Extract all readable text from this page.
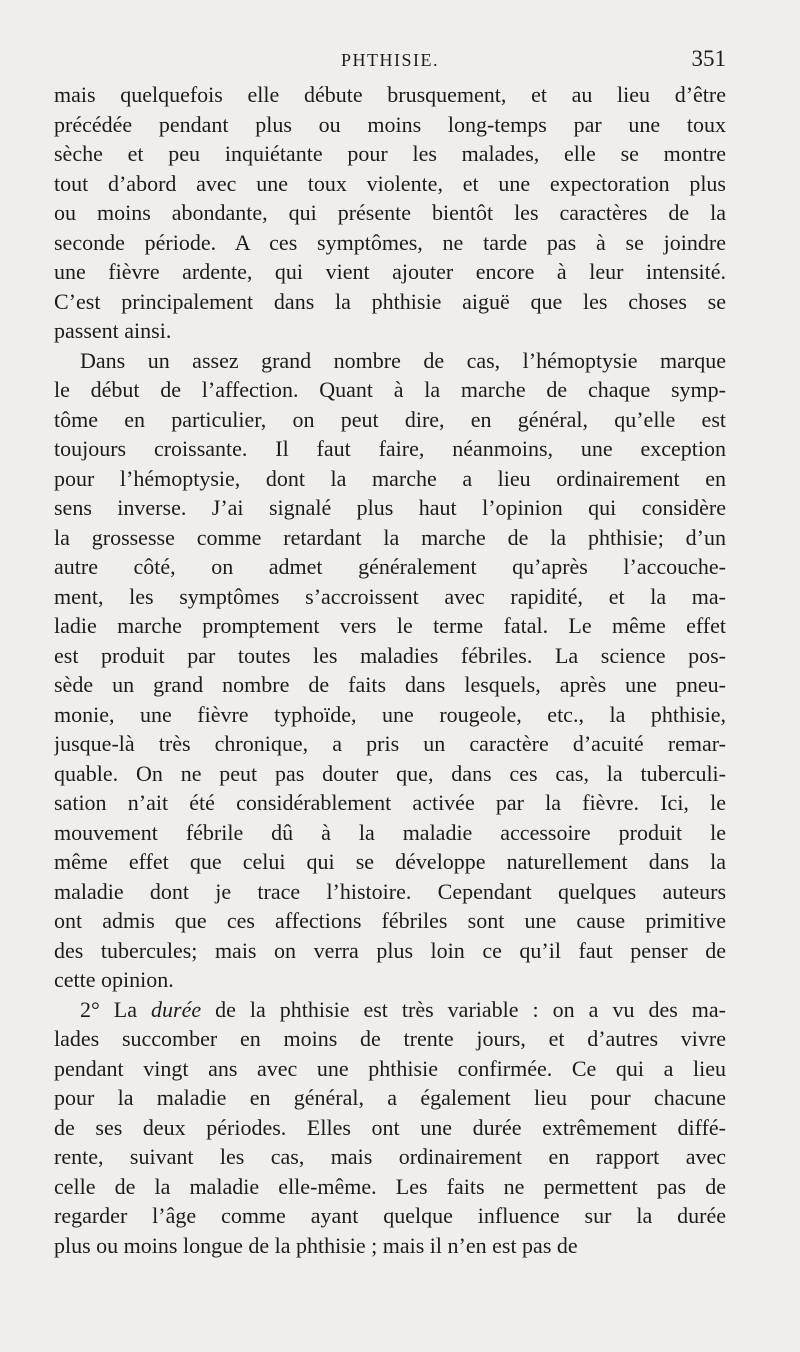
PHTHISIE.	351
mais quelquefois elle débute brusquement, et au lieu d’être
précédée pendant plus ou moins long-temps par une toux
sèche et peu inquiétante pour les malades, elle se montre
tout d’abord avec une toux violente, et une expectoration plus
ou moins abondante, qui présente bientôt les caractères de la
seconde période. A ces symptômes, ne tarde pas à se joindre
une fièvre ardente, qui vient ajouter encore à leur intensité.
C’est principalement dans la phthisie aiguë que les choses se
passent ainsi.
Dans un assez grand nombre de cas, l’hémoptysie marque
le début de l’affection. Quant à la marche de chaque symp-
tôme en particulier, on peut dire, en général, qu’elle est
toujours croissante. Il faut faire, néanmoins, une exception
pour l’hémoptysie, dont la marche a lieu ordinairement en
sens inverse. J’ai signalé plus haut l’opinion qui considère
la grossesse comme retardant la marche de la phthisie; d’un
autre côté, on admet généralement qu’après l’accouche-
ment, les symptômes s’accroissent avec rapidité, et la ma-
ladie marche promptement vers le terme fatal. Le même effet
est produit par toutes les maladies fébriles. La science pos-
sède un grand nombre de faits dans lesquels, après une pneu-
monie, une fièvre typhoïde, une rougeole, etc., la phthisie,
jusque-là très chronique, a pris un caractère d’acuité remar-
quable. On ne peut pas douter que, dans ces cas, la tuberculi-
sation n’ait été considérablement activée par la fièvre. Ici, le
mouvement fébrile dû à la maladie accessoire produit le
même effet que celui qui se développe naturellement dans la
maladie dont je trace l’histoire. Cependant quelques auteurs
ont admis que ces affections fébriles sont une cause primitive
des tubercules; mais on verra plus loin ce qu’il faut penser de
cette opinion.
2° La durée de la phthisie est très variable : on a vu des ma-
lades succomber en moins de trente jours, et d’autres vivre
pendant vingt ans avec une phthisie confirmée. Ce qui a lieu
pour la maladie en général, a également lieu pour chacune
de ses deux périodes. Elles ont une durée extrêmement diffé-
rente, suivant les cas, mais ordinairement en rapport avec
celle de la maladie elle-même. Les faits ne permettent pas de
regarder l’âge comme ayant quelque influence sur la durée
plus ou moins longue de la phthisie ; mais il n’en est pas de
